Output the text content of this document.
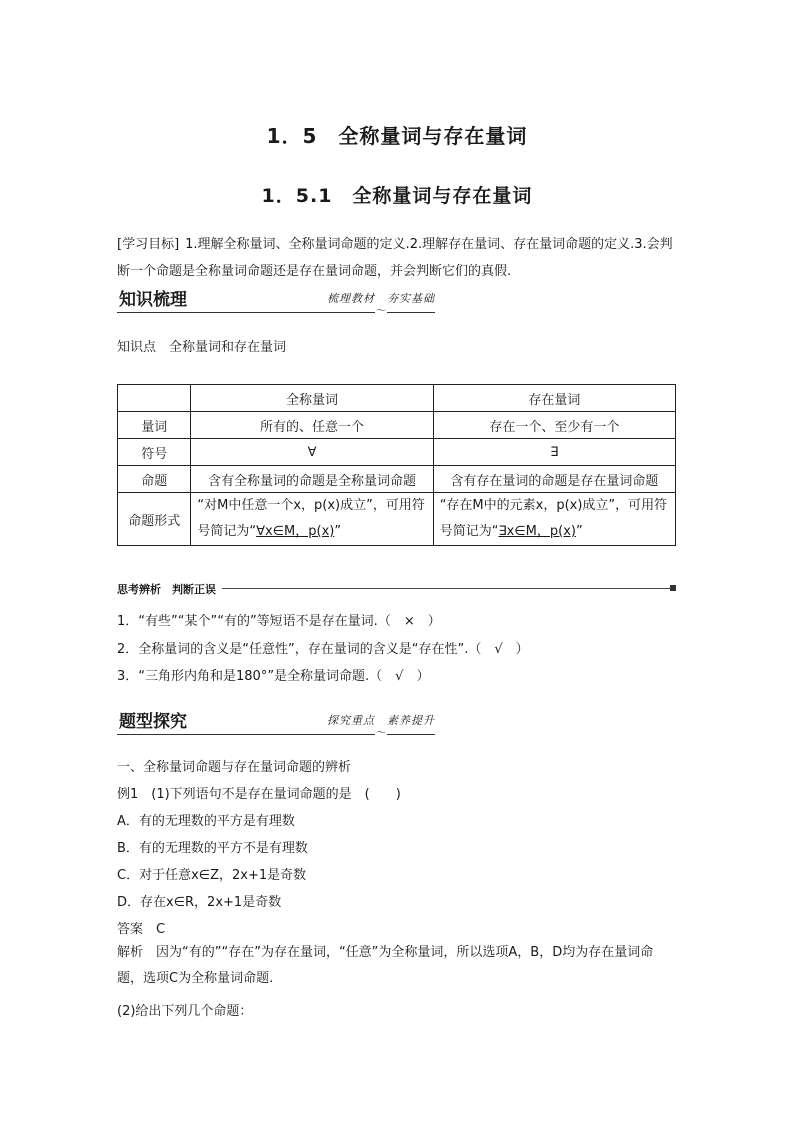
1．5　全称量词与存在量词
1．5.1　全称量词与存在量词
[学习目标] 1.理解全称量词、全称量词命题的定义.2.理解存在量词、存在量词命题的定义.3.会判断一个命题是全称量词命题还是存在量词命题，并会判断它们的真假.
知识梳理	梳理教材　夯实基础
〜
知识点　全称量词和存在量词
	全称量词	存在量词
量词	所有的、任意一个	存在一个、至少有一个
符号	∀	∃
命题	含有全称量词的命题是全称量词命题	含有存在量词的命题是存在量词命题
命题形式	“对M中任意一个x，p(x)成立”，可用符号简记为“∀x∈M，p(x)”	“存在M中的元素x，p(x)成立”，可用符号简记为“∃x∈M，p(x)”
思考辨析　判断正误
1．“有些”“某个”“有的”等短语不是存在量词.（　×　）
2．全称量词的含义是“任意性”，存在量词的含义是“存在性”.（　√　）
3．“三角形内角和是180°”是全称量词命题.（　√　）
题型探究	探究重点　素养提升
〜
一、全称量词命题与存在量词命题的辨析
例1　(1)下列语句不是存在量词命题的是　(　　)
A．有的无理数的平方是有理数
B．有的无理数的平方不是有理数
C．对于任意x∈Z，2x+1是奇数
D．存在x∈R，2x+1是奇数
答案　C
解析　因为“有的”“存在”为存在量词，“任意”为全称量词，所以选项A，B，D均为存在量词命题，选项C为全称量词命题.
(2)给出下列几个命题：
